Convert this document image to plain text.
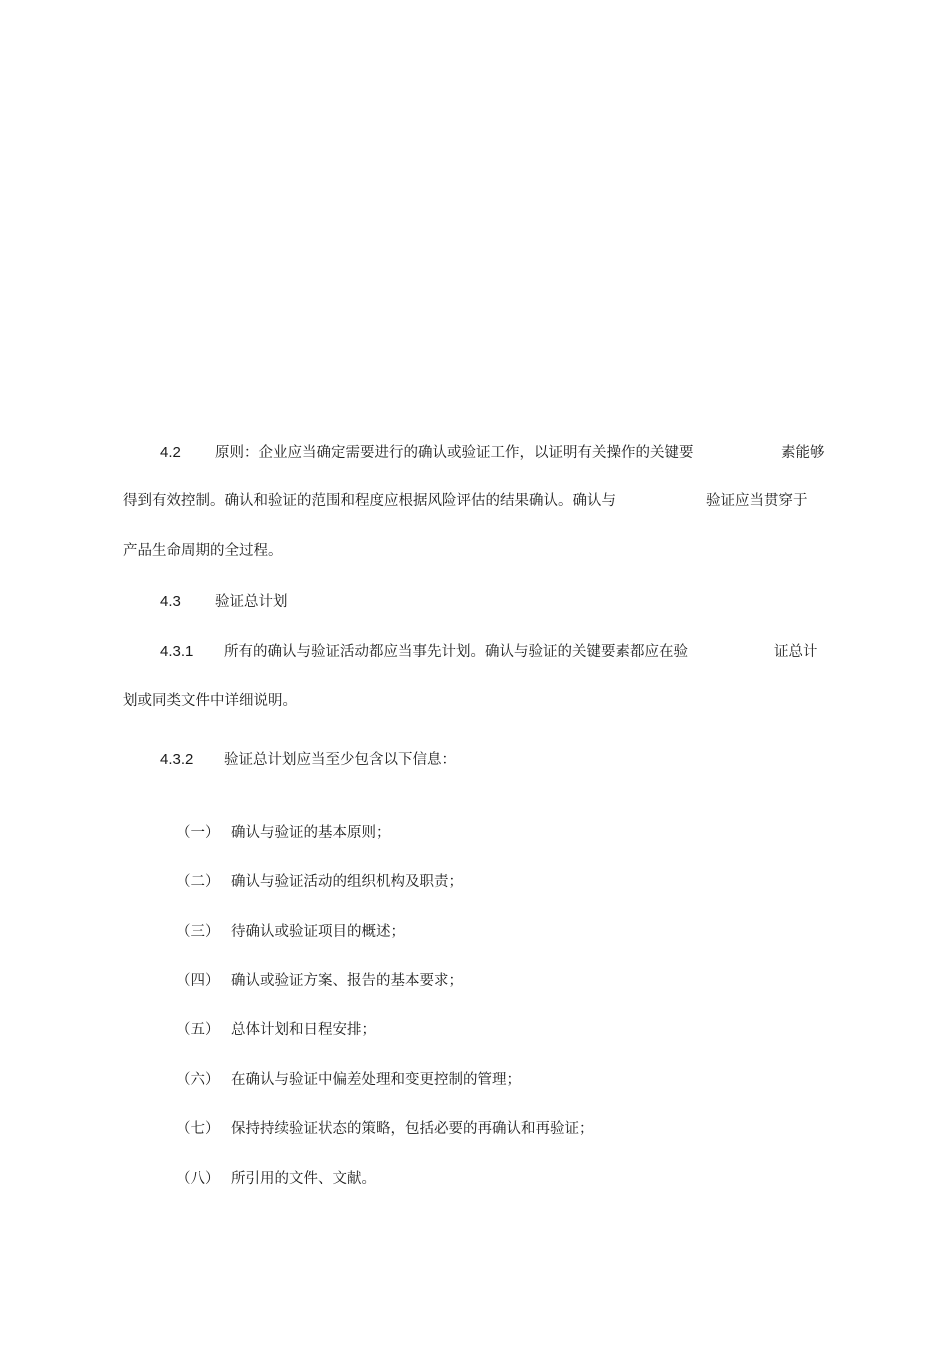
4.2 原则：企业应当确定需要进行的确认或验证工作，以证明有关操作的关键要	素能够
得到有效控制。确认和验证的范围和程度应根据风险评估的结果确认。确认与	验证应当贯穿于
产品生命周期的全过程。
4.3 验证总计划
4.3.1 所有的确认与验证活动都应当事先计划。确认与验证的关键要素都应在验	证总计
划或同类文件中详细说明。
4.3.2 验证总计划应当至少包含以下信息：
（一） 确认与验证的基本原则；
（二） 确认与验证活动的组织机构及职责；
（三） 待确认或验证项目的概述；
（四） 确认或验证方案、报告的基本要求；
（五） 总体计划和日程安排；
（六） 在确认与验证中偏差处理和变更控制的管理；
（七） 保持持续验证状态的策略，包括必要的再确认和再验证；
（八） 所引用的文件、文献。
